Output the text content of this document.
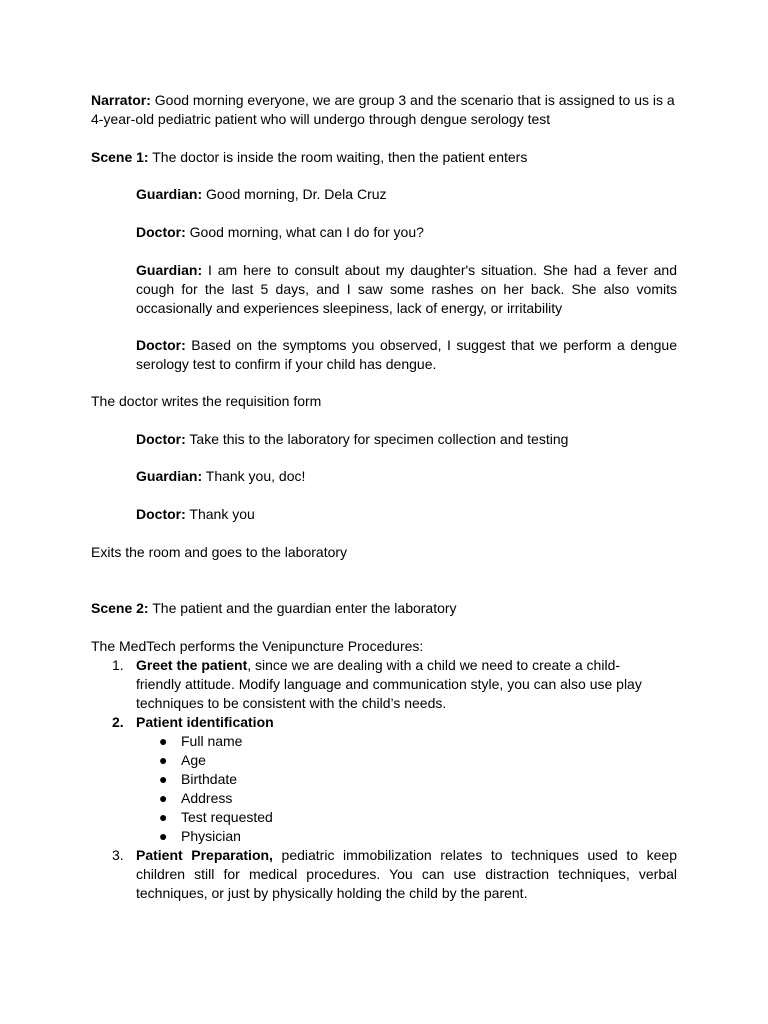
Narrator: Good morning everyone, we are group 3 and the scenario that is assigned to us is a 4-year-old pediatric patient who will undergo through dengue serology test

Scene 1: The doctor is inside the room waiting, then the patient enters

Guardian: Good morning, Dr. Dela Cruz

Doctor: Good morning, what can I do for you?

Guardian: I am here to consult about my daughter's situation. She had a fever and cough for the last 5 days, and I saw some rashes on her back. She also vomits occasionally and experiences sleepiness, lack of energy, or irritability

Doctor: Based on the symptoms you observed, I suggest that we perform a dengue serology test to confirm if your child has dengue.

The doctor writes the requisition form

Doctor: Take this to the laboratory for specimen collection and testing

Guardian: Thank you, doc!

Doctor: Thank you

Exits the room and goes to the laboratory

Scene 2: The patient and the guardian enter the laboratory

The MedTech performs the Venipuncture Procedures:

1. Greet the patient, since we are dealing with a child we need to create a child-friendly attitude. Modify language and communication style, you can also use play techniques to be consistent with the child’s needs.
2. Patient identification
● Full name
● Age
● Birthdate
● Address
● Test requested
● Physician
3. Patient Preparation, pediatric immobilization relates to techniques used to keep children still for medical procedures. You can use distraction techniques, verbal techniques, or just by physically holding the child by the parent.
